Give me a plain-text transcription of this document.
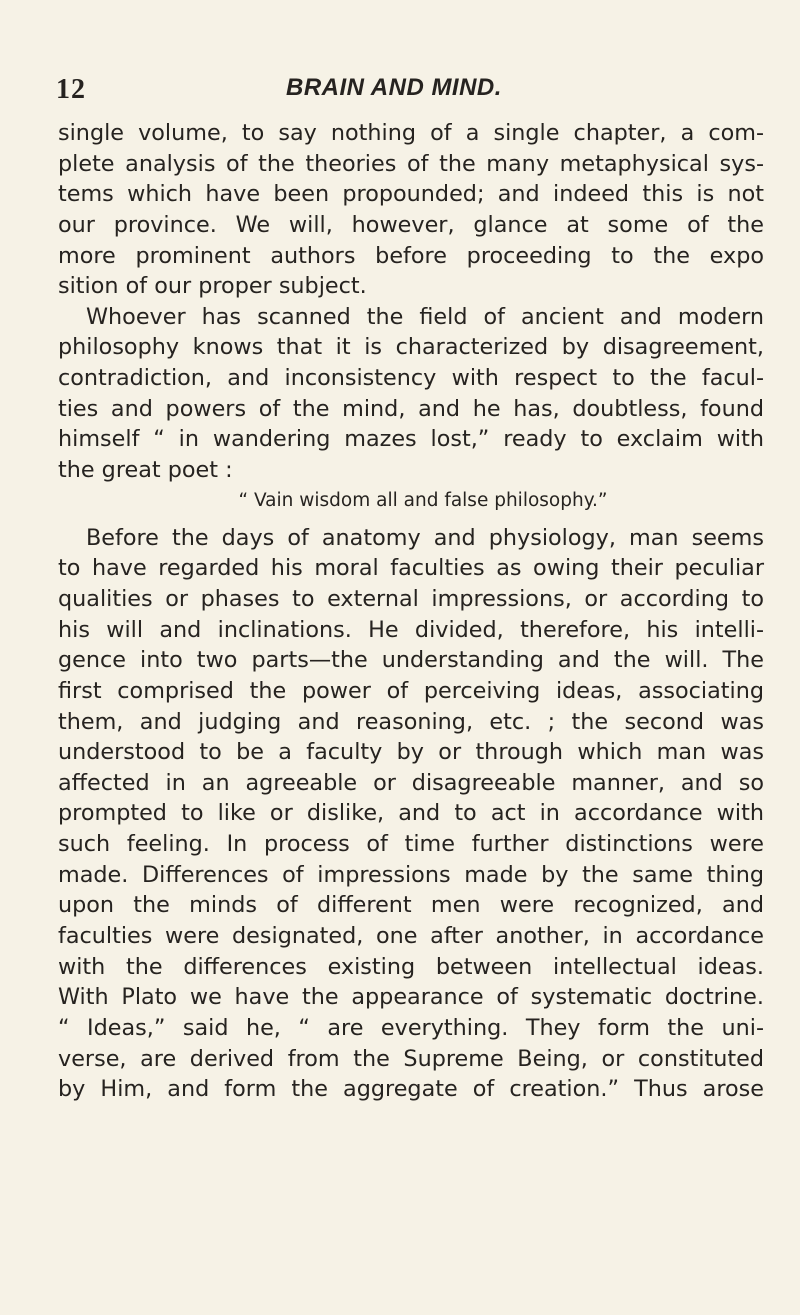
12	BRAIN AND MIND.
single volume, to say nothing of a single chapter, a com-
plete analysis of the theories of the many metaphysical sys-
tems which have been propounded; and indeed this is not
our province. We will, however, glance at some of the
more prominent authors before proceeding to the expo
sition of our proper subject.
Whoever has scanned the field of ancient and modern
philosophy knows that it is characterized by disagreement,
contradiction, and inconsistency with respect to the facul-
ties and powers of the mind, and he has, doubtless, found
himself “ in wandering mazes lost,” ready to exclaim with
the great poet :
“ Vain wisdom all and false philosophy.”
Before the days of anatomy and physiology, man seems
to have regarded his moral faculties as owing their peculiar
qualities or phases to external impressions, or according to
his will and inclinations. He divided, therefore, his intelli-
gence into two parts—the understanding and the will. The
first comprised the power of perceiving ideas, associating
them, and judging and reasoning, etc. ; the second was
understood to be a faculty by or through which man was
affected in an agreeable or disagreeable manner, and so
prompted to like or dislike, and to act in accordance with
such feeling. In process of time further distinctions were
made. Differences of impressions made by the same thing
upon the minds of different men were recognized, and
faculties were designated, one after another, in accordance
with the differences existing between intellectual ideas.
With Plato we have the appearance of systematic doctrine.
“ Ideas,” said he, “ are everything. They form the uni-
verse, are derived from the Supreme Being, or constituted
by Him, and form the aggregate of creation.” Thus arose
